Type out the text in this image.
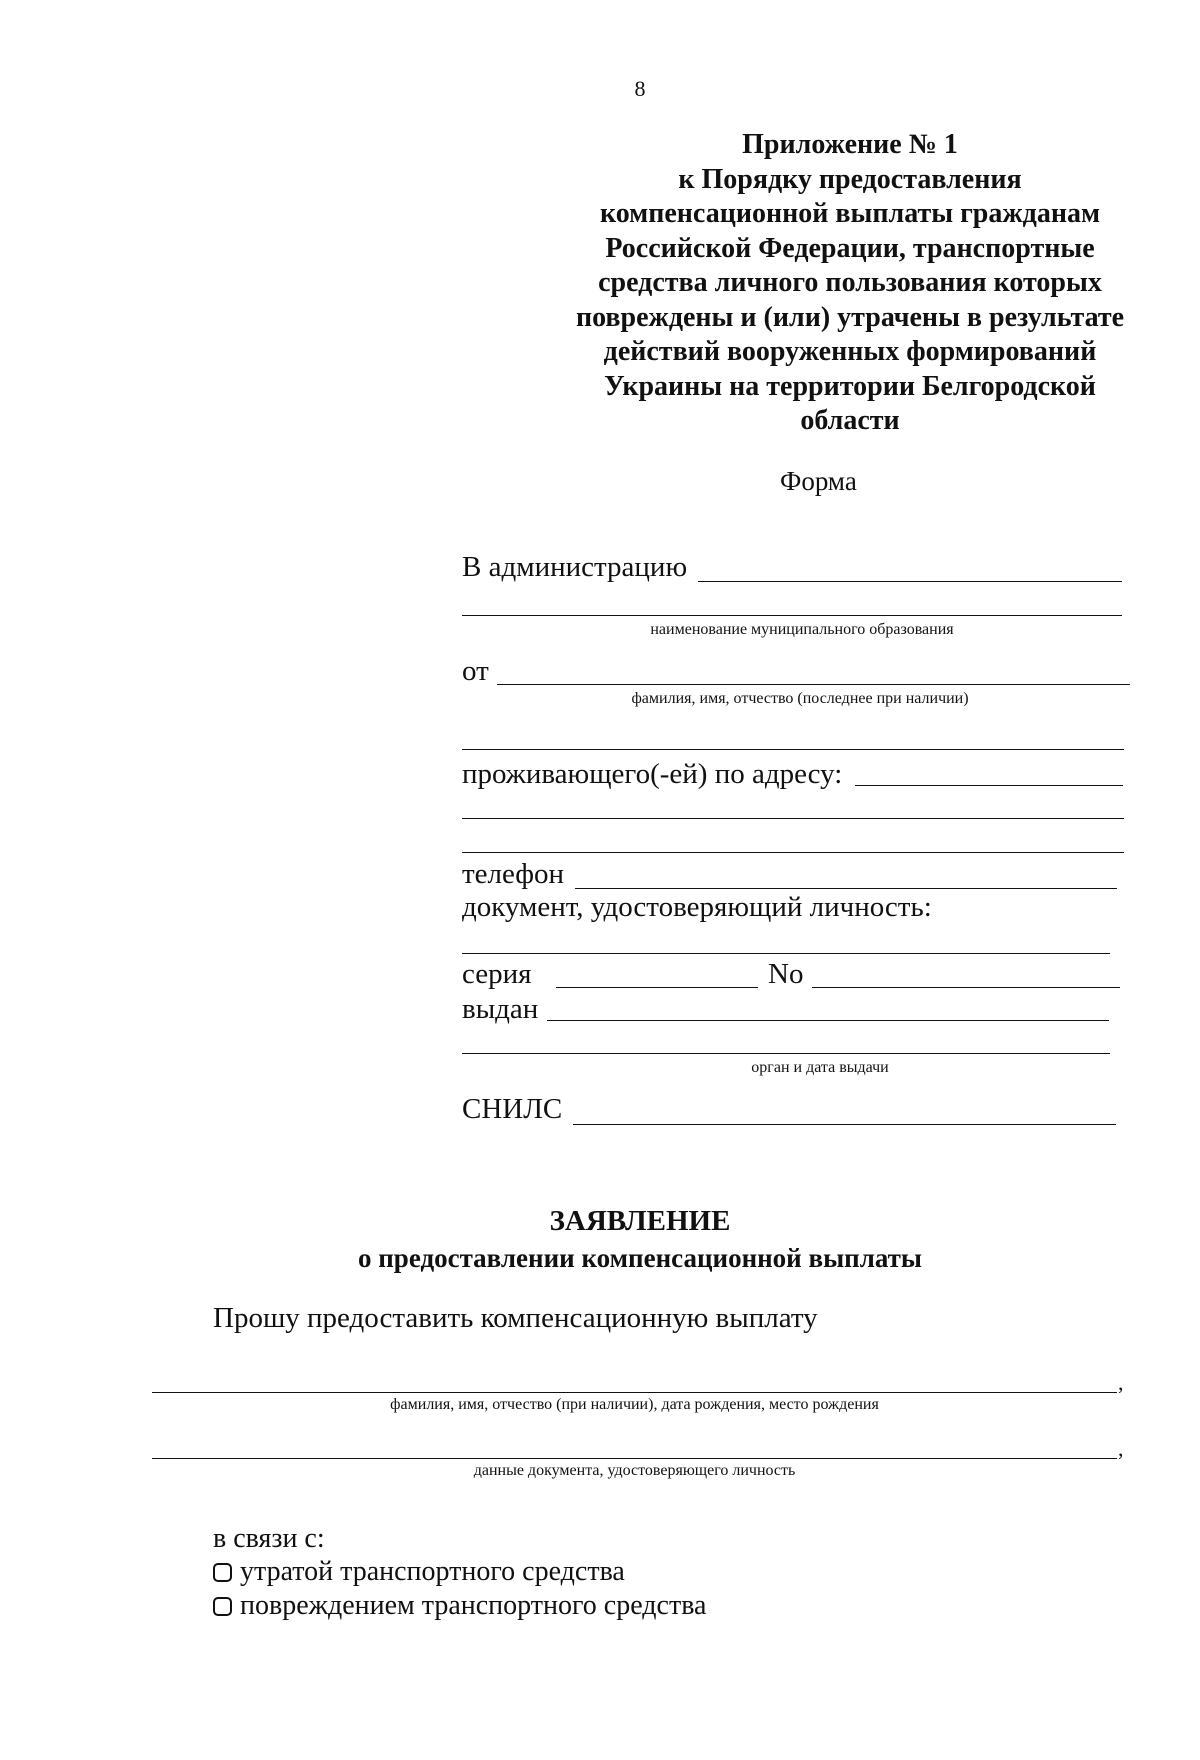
8
Приложение № 1
к Порядку предоставления
компенсационной выплаты гражданам
Российской Федерации, транспортные
средства личного пользования которых
повреждены и (или) утрачены в результате
действий вооруженных формирований
Украины на территории Белгородской
области
Форма
В администрацию
наименование муниципального образования
от
фамилия, имя, отчество (последнее при наличии)
проживающего(-ей) по адресу:
телефон
документ, удостоверяющий личность:
серия	No
выдан
орган и дата выдачи
СНИЛС
ЗАЯВЛЕНИЕ
о предоставлении компенсационной выплаты
Прошу предоставить компенсационную выплату
,
фамилия, имя, отчество (при наличии), дата рождения, место рождения
,
данные документа, удостоверяющего личность
в связи с:
утратой транспортного средства
повреждением транспортного средства
